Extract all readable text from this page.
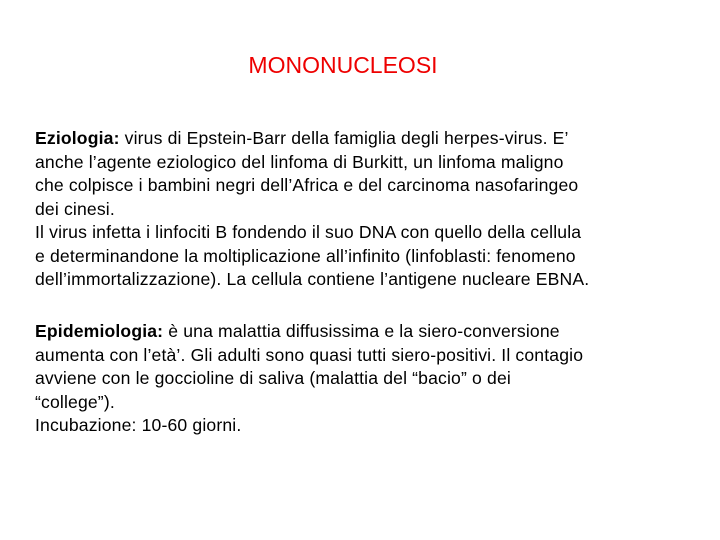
MONONUCLEOSI
Eziologia: virus di Epstein-Barr della famiglia degli herpes-virus. E’
anche l’agente eziologico del linfoma di Burkitt, un linfoma maligno
che colpisce i bambini negri dell’Africa e del carcinoma nasofaringeo
dei cinesi.
Il virus infetta i linfociti B fondendo il suo DNA con quello della cellula
e determinandone la moltiplicazione all’infinito (linfoblasti: fenomeno
dell’immortalizzazione). La cellula contiene l’antigene nucleare EBNA.
Epidemiologia: è una malattia diffusissima e la siero-conversione
aumenta con l’età’. Gli adulti sono quasi tutti siero-positivi. Il contagio
avviene con le goccioline di saliva (malattia del “bacio” o dei
“college”).
Incubazione: 10-60 giorni.
